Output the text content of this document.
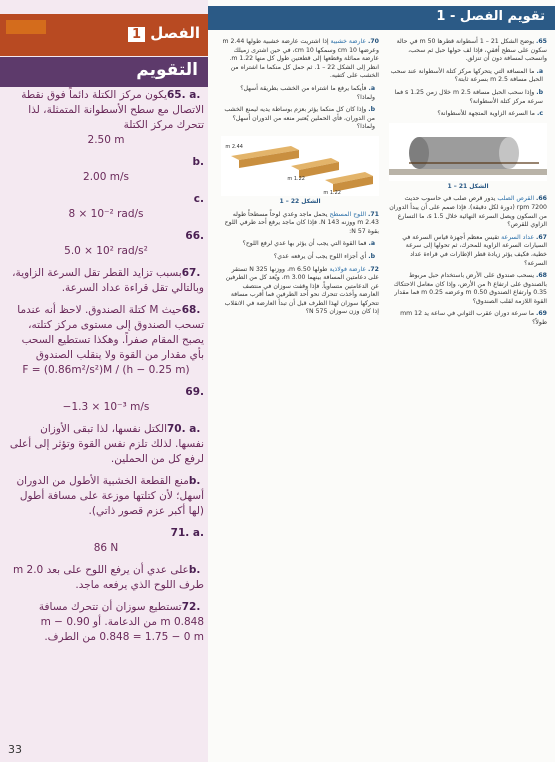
الفصل 1
التقويم
65. a. يكون مركز الكتلة دائماً فوق نقطة الاتصال مع سطح الأسطوانة المتمثلة، لذا تتحرك مركز الكتلة
2.50 m
b.
2.00 m/s
c.
8 × 10⁻² rad/s
66.
5.0 × 10² rad/s²
67. بسبب تزايد القطر تقل السرعة الزاوية، وبالتالي تقل قراءة عداد السرعة.
68. حيث M كتلة الصندوق. لاحظ أنه عندما تسحب الصندوق إلى مستوى مركز كتلته، يصبح المقام صفراً. وهكذا تستطيع السحب بأي مقدار من القوة ولا ينقلب الصندوق
F = (0.86m²/s²)M / (h − 0.25 m)
69.
−1.3 × 10⁻³ m/s
70. a. الكتل نفسها، لذا تبقى الأوزان نفسها. لذلك تلزم نفس القوة وتؤثر إلى أعلى لرفع كل من الحملين.
b. منع القطعة الخشبية الأطول من الدوران أسهل؛ لأن كتلتها موزعة على مسافة أطول (لها أكبر عزم قصور ذاتي).
71. a.
86 N
b. على عدي أن يرفع اللوح على بعد 2.0 m طرف اللوح الذي يرفعه ماجد.
72. تستطيع سوزان أن تتحرك مسافة 0.848 m من الدعامة. أو 0.90 m − 0.848 = 1.75 − 0 m من الطرف.
33
تقويم الفصل - 1
65. يوضح الشكل 21 – 1 أسطوانة قطرها 50 m في حالة سكون على سطح أفقي، فإذا لف حولها حبل ثم سحب، وانسحب لمسافة دون أن تنزلق.
a. ما المسافة التي يتحركها مركز كتلة الأسطوانة عند سحب الحبل مسافة 2.5 m بسرعة ثابتة؟
b. وإذا سحب الحبل مسافة 2.5 m خلال زمن 1.25 s فما سرعة مركز كتلة الأسطوانة؟
c. ما السرعة الزاوية المتجهة للأسطوانة؟
الشكل 21 – 1
66. القرص الصلب يدور قرص صلب في حاسوب حديث 7200 rpm (دورة لكل دقيقة). فإذا صمم على أن يبدأ الدوران من السكون ويصل السرعة النهائية خلال 1.5 s، ما التسارع الزاوي للقرص؟
67. عداد السرعة تقيس معظم أجهزة قياس السرعة في السيارات السرعة الزاوية للمحرك، ثم تحولها إلى سرعة خطية، فكيف يؤثر زيادة قطر الإطارات في قراءة عداد السرعة؟
68. يسحب صندوق على الأرض باستخدام حبل مربوط بالصندوق على ارتفاع h من الأرض، وإذا كان معامل الاحتكاك 0.35 وارتفاع الصندوق 0.50 m وعرضه 0.25 m فما مقدار القوة اللازمة لقلب الصندوق؟
69. ما سرعة دوران عقرب الثواني في ساعة يد 12 mm طولاً؟
70. عارضة خشبية إذا اشتريت عارضة خشبية طولها 2.44 m وعرضها 10 cm وسمكها 10 cm، في حين اشترى زميلك عارضة مماثلة وقطعها إلى قطعتين طول كل منها 1.22 m. انظر إلى الشكل 22 – 1. ثم حمل كل منكما ما اشتراه من الخشب على كتفيه.
a. فأيكما يرفع ما اشتراه من الخشب بطريقة أسهل؟ ولماذا؟
b. وإذا كان كل منكما يؤثر بعزم بوساطة يديه ليمنع الخشب من الدوران، فأي الحملين يُعتبر منعه من الدوران أسهل؟ ولماذا؟
2.44 m
1.22 m
1.22 m
الشكل 22 – 1
71. اللوح المسطح يحمل ماجد وعدي لوحاً مسطحاً طوله 2.43 m ووزنه 143 N. فإذا كان ماجد يرفع أحد طرفي اللوح بقوة 57 N:
a. فما القوة التي يجب أن يؤثر بها عدي لرفع اللوح؟
b. أي أجزاء اللوح يجب أن يرفعه عدي؟
72. عارضة فولاذية طولها 6.50 m، ووزنها 325 N تستقر على دعامتين المسافة بينهما 3.00 m، ويُعد كل من الطرفين عن الدعامتين متساوياً. فإذا وقفت سوزان في منتصف العارضة وأخذت تتحرك نحو أحد الطرفين فما أقرب مسافة تتحركها سوزان لهذا الطرف قبل أن تبدأ العارضة في الانقلاب إذا كان وزن سوزان 575 N؟
